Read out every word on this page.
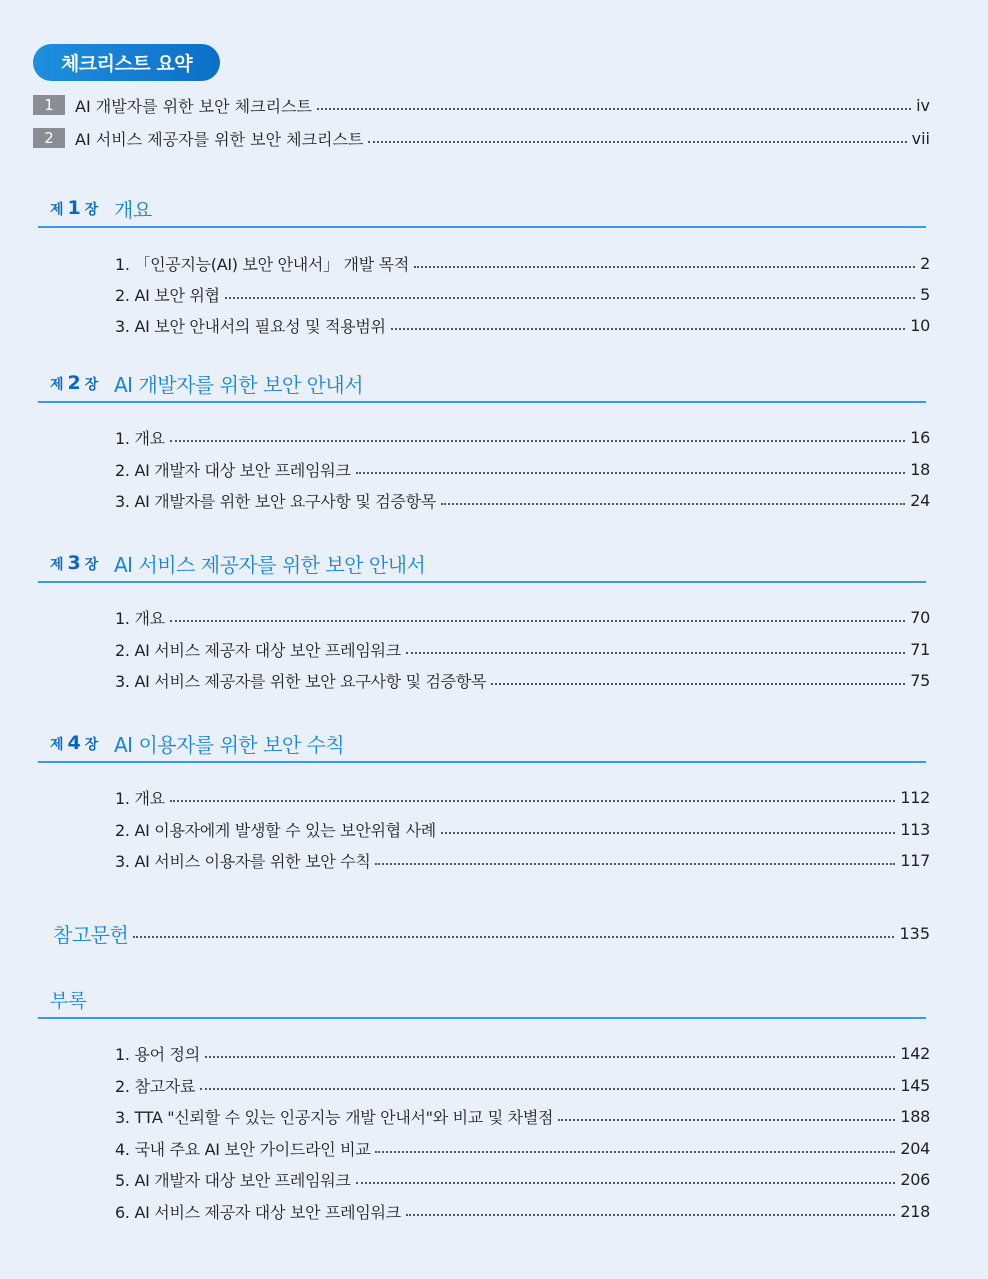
체크리스트 요약
1	AI 개발자를 위한 보안 체크리스트	iv
2	AI 서비스 제공자를 위한 보안 체크리스트	vii
제 1 장 개요
1. 「인공지능(AI) 보안 안내서」 개발 목적	2
2. AI 보안 위협	5
3. AI 보안 안내서의 필요성 및 적용범위	10
제 2 장 AI 개발자를 위한 보안 안내서
1. 개요	16
2. AI 개발자 대상 보안 프레임워크	18
3. AI 개발자를 위한 보안 요구사항 및 검증항목	24
제 3 장 AI 서비스 제공자를 위한 보안 안내서
1. 개요	70
2. AI 서비스 제공자 대상 보안 프레임워크	71
3. AI 서비스 제공자를 위한 보안 요구사항 및 검증항목	75
제 4 장 AI 이용자를 위한 보안 수칙
1. 개요	112
2. AI 이용자에게 발생할 수 있는 보안위협 사례	113
3. AI 서비스 이용자를 위한 보안 수칙	117
참고문헌	135
부록
1. 용어 정의	142
2. 참고자료	145
3. TTA "신뢰할 수 있는 인공지능 개발 안내서"와 비교 및 차별점	188
4. 국내 주요 AI 보안 가이드라인 비교	204
5. AI 개발자 대상 보안 프레임워크	206
6. AI 서비스 제공자 대상 보안 프레임워크	218
